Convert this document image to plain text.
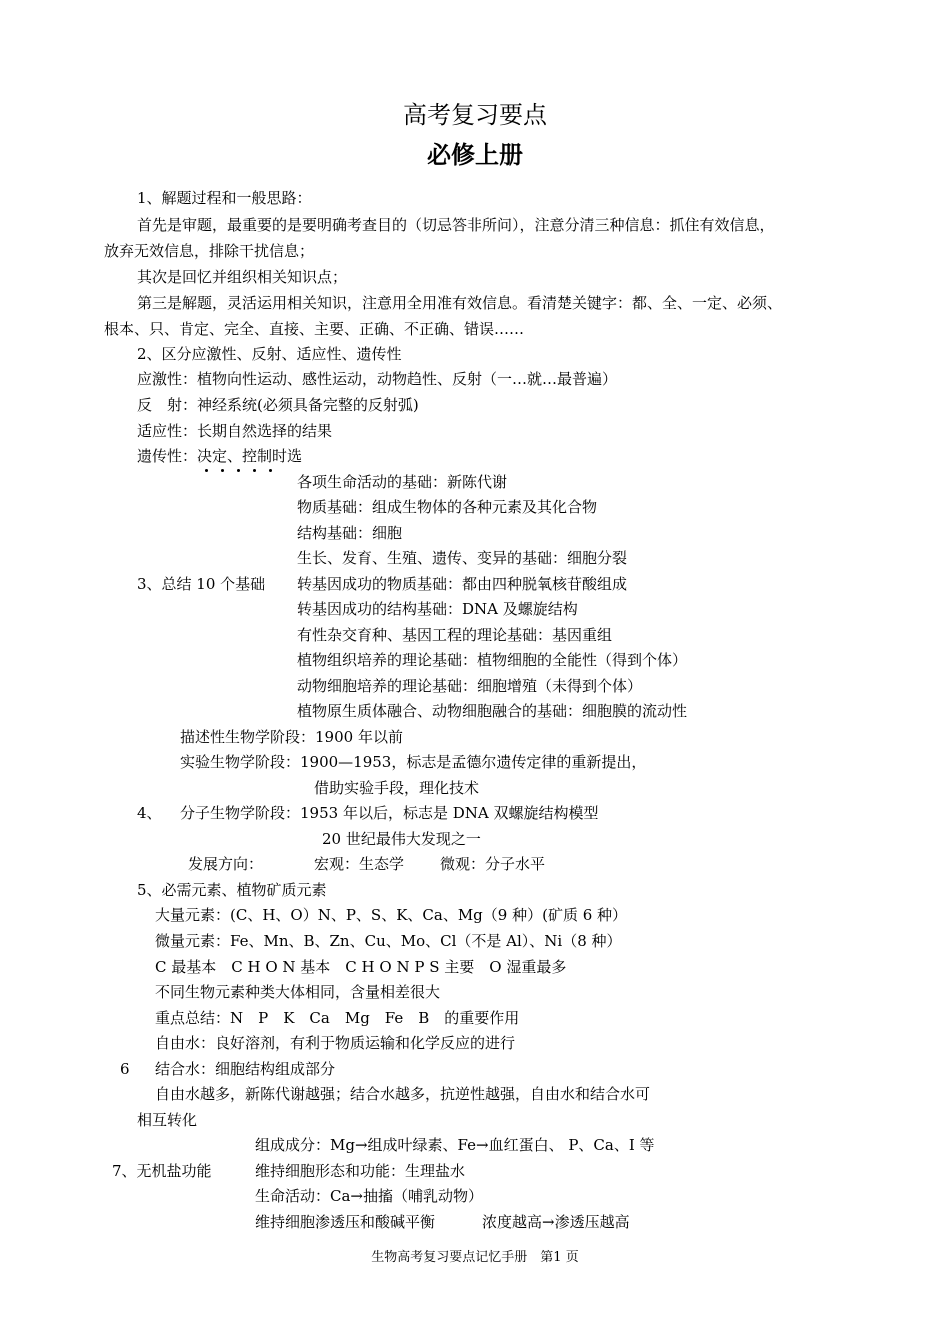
高考复习要点
必修上册
1、解题过程和一般思路：
首先是审题，最重要的是要明确考查目的（切忌答非所问），注意分清三种信息：抓住有效信息，
放弃无效信息，排除干扰信息；
其次是回忆并组织相关知识点；
第三是解题，灵活运用相关知识，注意用全用准有效信息。看清楚关键字：都、全、一定、必须、
根本、只、肯定、完全、直接、主要、正确、不正确、错误……
2、区分应激性、反射、适应性、遗传性
应激性：植物向性运动、感性运动，动物趋性、反射（一…就…最普遍）
反　射：神经系统(必须具备完整的反射弧)
适应性：长期自然选择的结果
遗传性：决定、控制时选
各项生命活动的基础：新陈代谢
物质基础：组成生物体的各种元素及其化合物
结构基础：细胞
生长、发育、生殖、遗传、变异的基础：细胞分裂
3、总结 10 个基础 转基因成功的物质基础：都由四种脱氧核苷酸组成
转基因成功的结构基础：DNA 及螺旋结构
有性杂交育种、基因工程的理论基础：基因重组
植物组织培养的理论基础：植物细胞的全能性（得到个体）
动物细胞培养的理论基础：细胞增殖（未得到个体）
植物原生质体融合、动物细胞融合的基础：细胞膜的流动性
描述性生物学阶段：1900 年以前
实验生物学阶段：1900—1953，标志是孟德尔遗传定律的重新提出，
借助实验手段，理化技术
4、 分子生物学阶段：1953 年以后，标志是 DNA 双螺旋结构模型
20 世纪最伟大发现之一
发展方向：	宏观：生态学 微观：分子水平
5、必需元素、植物矿质元素
大量元素：(C、H、O）N、P、S、K、Ca、Mg（9 种）(矿质 6 种）
微量元素：Fe、Mn、B、Zn、Cu、Mo、Cl（不是 Al）、Ni（8 种）
C 最基本　C H O N 基本　C H O N P S 主要　O 湿重最多
不同生物元素种类大体相同，含量相差很大
重点总结：N　P　K　Ca　Mg　Fe　B　的重要作用
自由水：良好溶剂，有利于物质运输和化学反应的进行
6 结合水：细胞结构组成部分
自由水越多，新陈代谢越强；结合水越多，抗逆性越强，自由水和结合水可
相互转化
组成成分：Mg→组成叶绿素、Fe→血红蛋白、 P、Ca、I 等
7、无机盐功能	维持细胞形态和功能：生理盐水
生命活动：Ca→抽搐（哺乳动物）
维持细胞渗透压和酸碱平衡	浓度越高→渗透压越高
生物高考复习要点记忆手册　第1 页
